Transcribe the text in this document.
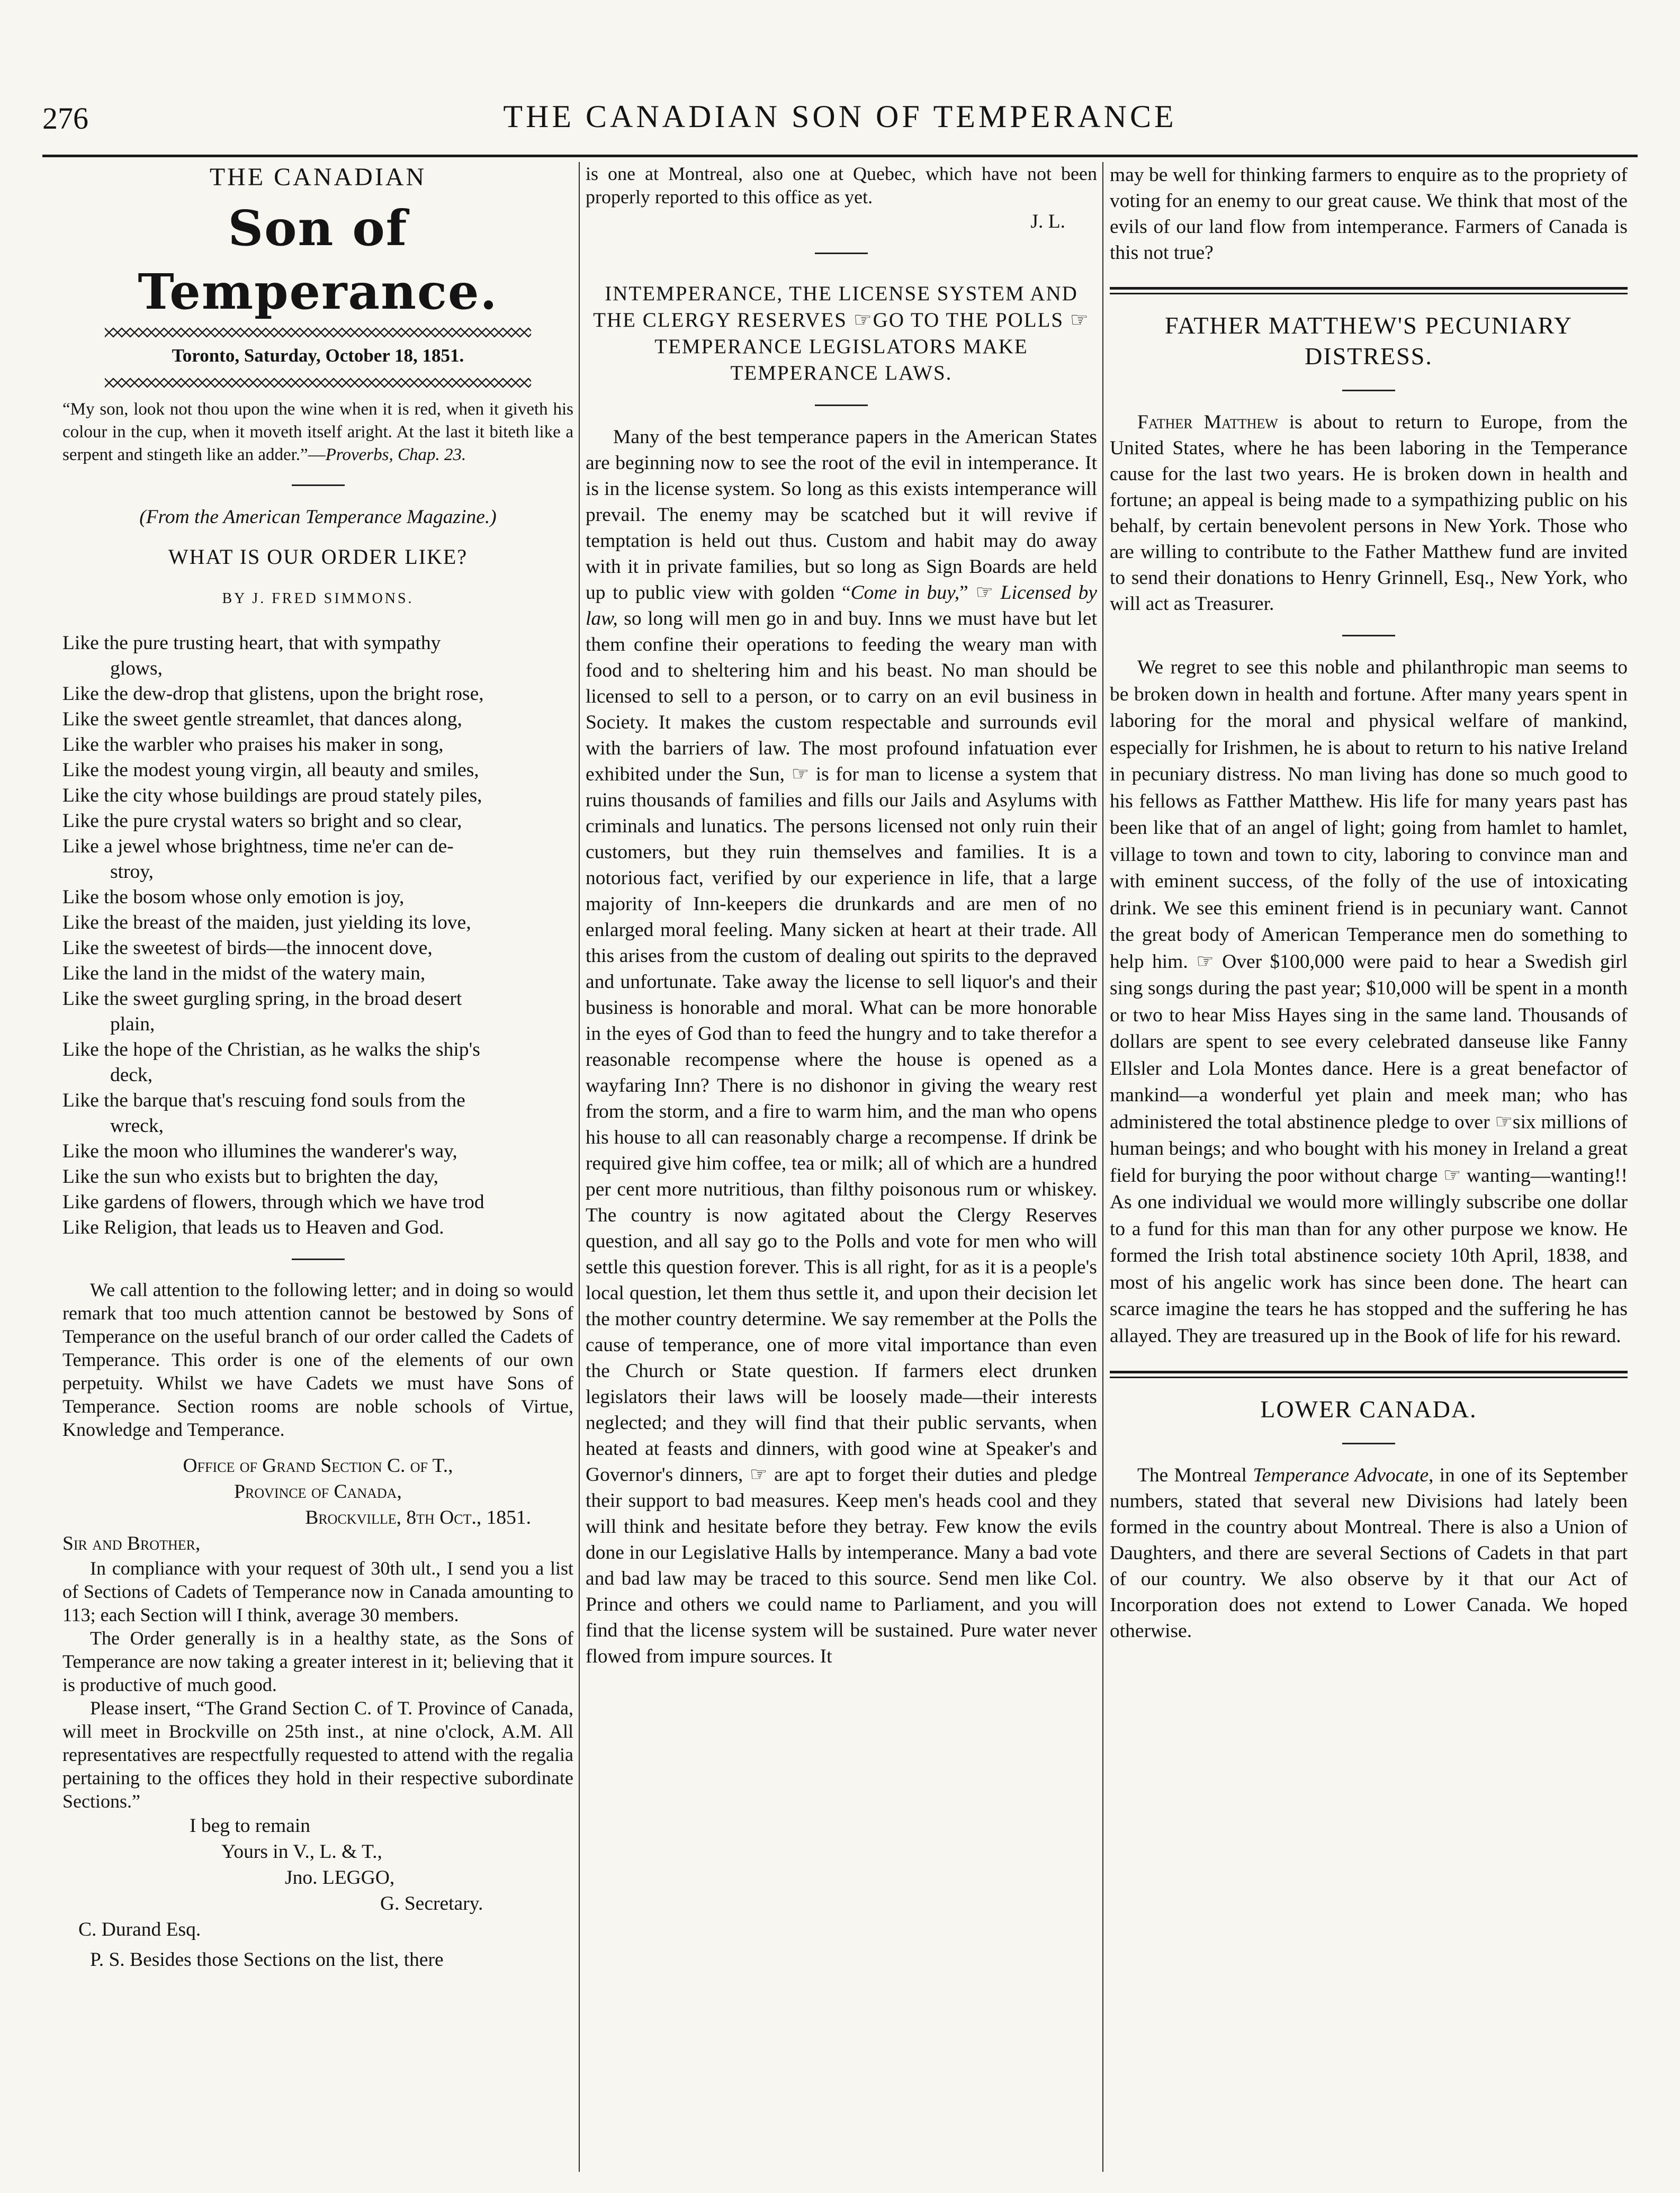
276	THE CANADIAN SON OF TEMPERANCE
THE CANADIAN
Son of Temperance.
Toronto, Saturday, October 18, 1851.

“My son, look not thou upon the wine when it is red, when it giveth his colour in the cup, when it moveth itself aright. At the last it biteth like a serpent and stingeth like an adder.”—Proverbs, Chap. 23.

(From the American Temperance Magazine.)

WHAT IS OUR ORDER LIKE?
BY J. FRED SIMMONS.
Like the pure trusting heart, that with sympathy
glows,
Like the dew-drop that glistens, upon the bright rose,
Like the sweet gentle streamlet, that dances along,
Like the warbler who praises his maker in song,
Like the modest young virgin, all beauty and smiles,
Like the city whose buildings are proud stately piles,
Like the pure crystal waters so bright and so clear,
Like a jewel whose brightness, time ne'er can de-
stroy,
Like the bosom whose only emotion is joy,
Like the breast of the maiden, just yielding its love,
Like the sweetest of birds—the innocent dove,
Like the land in the midst of the watery main,
Like the sweet gurgling spring, in the broad desert
plain,
Like the hope of the Christian, as he walks the ship's
deck,
Like the barque that's rescuing fond souls from the
wreck,
Like the moon who illumines the wanderer's way,
Like the sun who exists but to brighten the day,
Like gardens of flowers, through which we have trod
Like Religion, that leads us to Heaven and God.

We call attention to the following letter; and in doing so would remark that too much attention cannot be bestowed by Sons of Temperance on the useful branch of our order called the Cadets of Temperance. This order is one of the elements of our own perpetuity. Whilst we have Cadets we must have Sons of Temperance. Section rooms are noble schools of Virtue, Knowledge and Temperance.

Office of Grand Section C. of T.,

Province of Canada,

Brockville, 8th Oct., 1851.

Sir and Brother,

In compliance with your request of 30th ult., I send you a list of Sections of Cadets of Temperance now in Canada amounting to 113; each Section will I think, average 30 members.

The Order generally is in a healthy state, as the Sons of Temperance are now taking a greater interest in it; believing that it is productive of much good.

Please insert, “The Grand Section C. of T. Province of Canada, will meet in Brockville on 25th inst., at nine o'clock, A.M. All representatives are respectfully requested to attend with the regalia pertaining to the offices they hold in their respective subordinate Sections.”

I beg to remain

Yours in V., L. & T.,

Jno. LEGGO,

G. Secretary.

C. Durand Esq.

P. S. Besides those Sections on the list, there

is one at Montreal, also one at Quebec, which have not been properly reported to this office as yet.

J. L.

INTEMPERANCE, THE LICENSE SYSTEM AND THE CLERGY RESERVES ☞GO TO THE POLLS ☞TEMPERANCE LEGISLATORS MAKE TEMPERANCE LAWS.

Many of the best temperance papers in the American States are beginning now to see the root of the evil in intemperance. It is in the license system. So long as this exists intemperance will prevail. The enemy may be scatched but it will revive if temptation is held out thus. Custom and habit may do away with it in private families, but so long as Sign Boards are held up to public view with golden “Come in buy,” ☞ Licensed by law, so long will men go in and buy. Inns we must have but let them confine their operations to feeding the weary man with food and to sheltering him and his beast. No man should be licensed to sell to a person, or to carry on an evil business in Society. It makes the custom respectable and surrounds evil with the barriers of law. The most profound infatuation ever exhibited under the Sun, ☞ is for man to license a system that ruins thousands of families and fills our Jails and Asylums with criminals and lunatics. The persons licensed not only ruin their customers, but they ruin themselves and families. It is a notorious fact, verified by our experience in life, that a large majority of Inn-keepers die drunkards and are men of no enlarged moral feeling. Many sicken at heart at their trade. All this arises from the custom of dealing out spirits to the depraved and unfortunate. Take away the license to sell liquor's and their business is honorable and moral. What can be more honorable in the eyes of God than to feed the hungry and to take therefor a reasonable recompense where the house is opened as a wayfaring Inn? There is no dishonor in giving the weary rest from the storm, and a fire to warm him, and the man who opens his house to all can reasonably charge a recompense. If drink be required give him coffee, tea or milk; all of which are a hundred per cent more nutritious, than filthy poisonous rum or whiskey. The country is now agitated about the Clergy Reserves question, and all say go to the Polls and vote for men who will settle this question forever. This is all right, for as it is a people's local question, let them thus settle it, and upon their decision let the mother country determine. We say remember at the Polls the cause of temperance, one of more vital importance than even the Church or State question. If farmers elect drunken legislators their laws will be loosely made—their interests neglected; and they will find that their public servants, when heated at feasts and dinners, with good wine at Speaker's and Governor's dinners, ☞ are apt to forget their duties and pledge their support to bad measures. Keep men's heads cool and they will think and hesitate before they betray. Few know the evils done in our Legislative Halls by intemperance. Many a bad vote and bad law may be traced to this source. Send men like Col. Prince and others we could name to Parliament, and you will find that the license system will be sustained. Pure water never flowed from impure sources. It

may be well for thinking farmers to enquire as to the propriety of voting for an enemy to our great cause. We think that most of the evils of our land flow from intemperance. Farmers of Canada is this not true?

FATHER MATTHEW'S PECUNIARY DISTRESS.

Father Matthew is about to return to Europe, from the United States, where he has been laboring in the Temperance cause for the last two years. He is broken down in health and fortune; an appeal is being made to a sympathizing public on his behalf, by certain benevolent persons in New York. Those who are willing to contribute to the Father Matthew fund are invited to send their donations to Henry Grinnell, Esq., New York, who will act as Treasurer.

We regret to see this noble and philanthropic man seems to be broken down in health and fortune. After many years spent in laboring for the moral and physical welfare of mankind, especially for Irishmen, he is about to return to his native Ireland in pecuniary distress. No man living has done so much good to his fellows as Fatther Matthew. His life for many years past has been like that of an angel of light; going from hamlet to hamlet, village to town and town to city, laboring to convince man and with eminent success, of the folly of the use of intoxicating drink. We see this eminent friend is in pecuniary want. Cannot the great body of American Temperance men do something to help him. ☞ Over $100,000 were paid to hear a Swedish girl sing songs during the past year; $10,000 will be spent in a month or two to hear Miss Hayes sing in the same land. Thousands of dollars are spent to see every celebrated danseuse like Fanny Ellsler and Lola Montes dance. Here is a great benefactor of mankind—a wonderful yet plain and meek man; who has administered the total abstinence pledge to over ☞six millions of human beings; and who bought with his money in Ireland a great field for burying the poor without charge ☞ wanting—wanting!! As one individual we would more willingly subscribe one dollar to a fund for this man than for any other purpose we know. He formed the Irish total abstinence society 10th April, 1838, and most of his angelic work has since been done. The heart can scarce imagine the tears he has stopped and the suffering he has allayed. They are treasured up in the Book of life for his reward.

LOWER CANADA.

The Montreal Temperance Advocate, in one of its September numbers, stated that several new Divisions had lately been formed in the country about Montreal. There is also a Union of Daughters, and there are several Sections of Cadets in that part of our country. We also observe by it that our Act of Incorporation does not extend to Lower Canada. We hoped otherwise.
